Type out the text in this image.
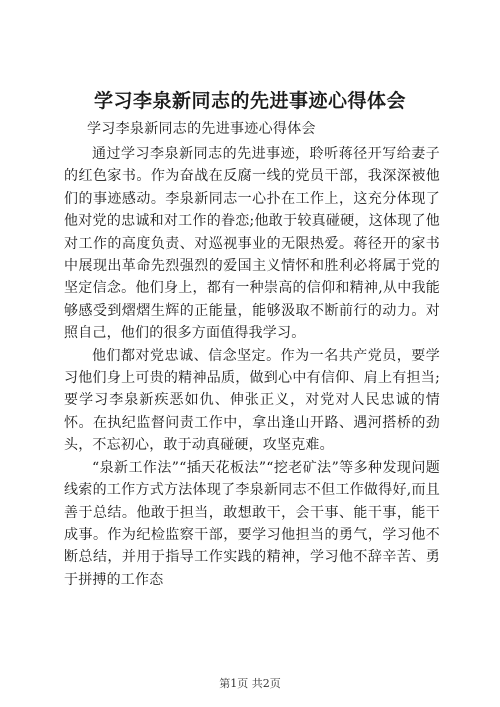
学习李泉新同志的先进事迹心得体会
学习李泉新同志的先进事迹心得体会

通过学习李泉新同志的先进事迹，聆听蒋径开写给妻子的红色家书。作为奋战在反腐一线的党员干部，我深深被他们的事迹感动。李泉新同志一心扑在工作上，这充分体现了他对党的忠诚和对工作的眷恋;他敢于较真碰硬，这体现了他对工作的高度负责、对巡视事业的无限热爱。蒋径开的家书中展现出革命先烈强烈的爱国主义情怀和胜利必将属于党的坚定信念。他们身上，都有一种崇高的信仰和精神,从中我能够感受到熠熠生辉的正能量，能够汲取不断前行的动力。对照自己，他们的很多方面值得我学习。

他们都对党忠诚、信念坚定。作为一名共产党员，要学习他们身上可贵的精神品质，做到心中有信仰、肩上有担当;要学习李泉新疾恶如仇、伸张正义，对党对人民忠诚的情怀。在执纪监督问责工作中，拿出逢山开路、遇河搭桥的劲头，不忘初心，敢于动真碰硬，攻坚克难。

“泉新工作法”“插天花板法”“挖老矿法”等多种发现问题线索的工作方式方法体现了李泉新同志不但工作做得好,而且善于总结。他敢于担当，敢想敢干，会干事、能干事，能干成事。作为纪检监察干部，要学习他担当的勇气，学习他不断总结，并用于指导工作实践的精神，学习他不辞辛苦、勇于拼搏的工作态

第1页 共2页
